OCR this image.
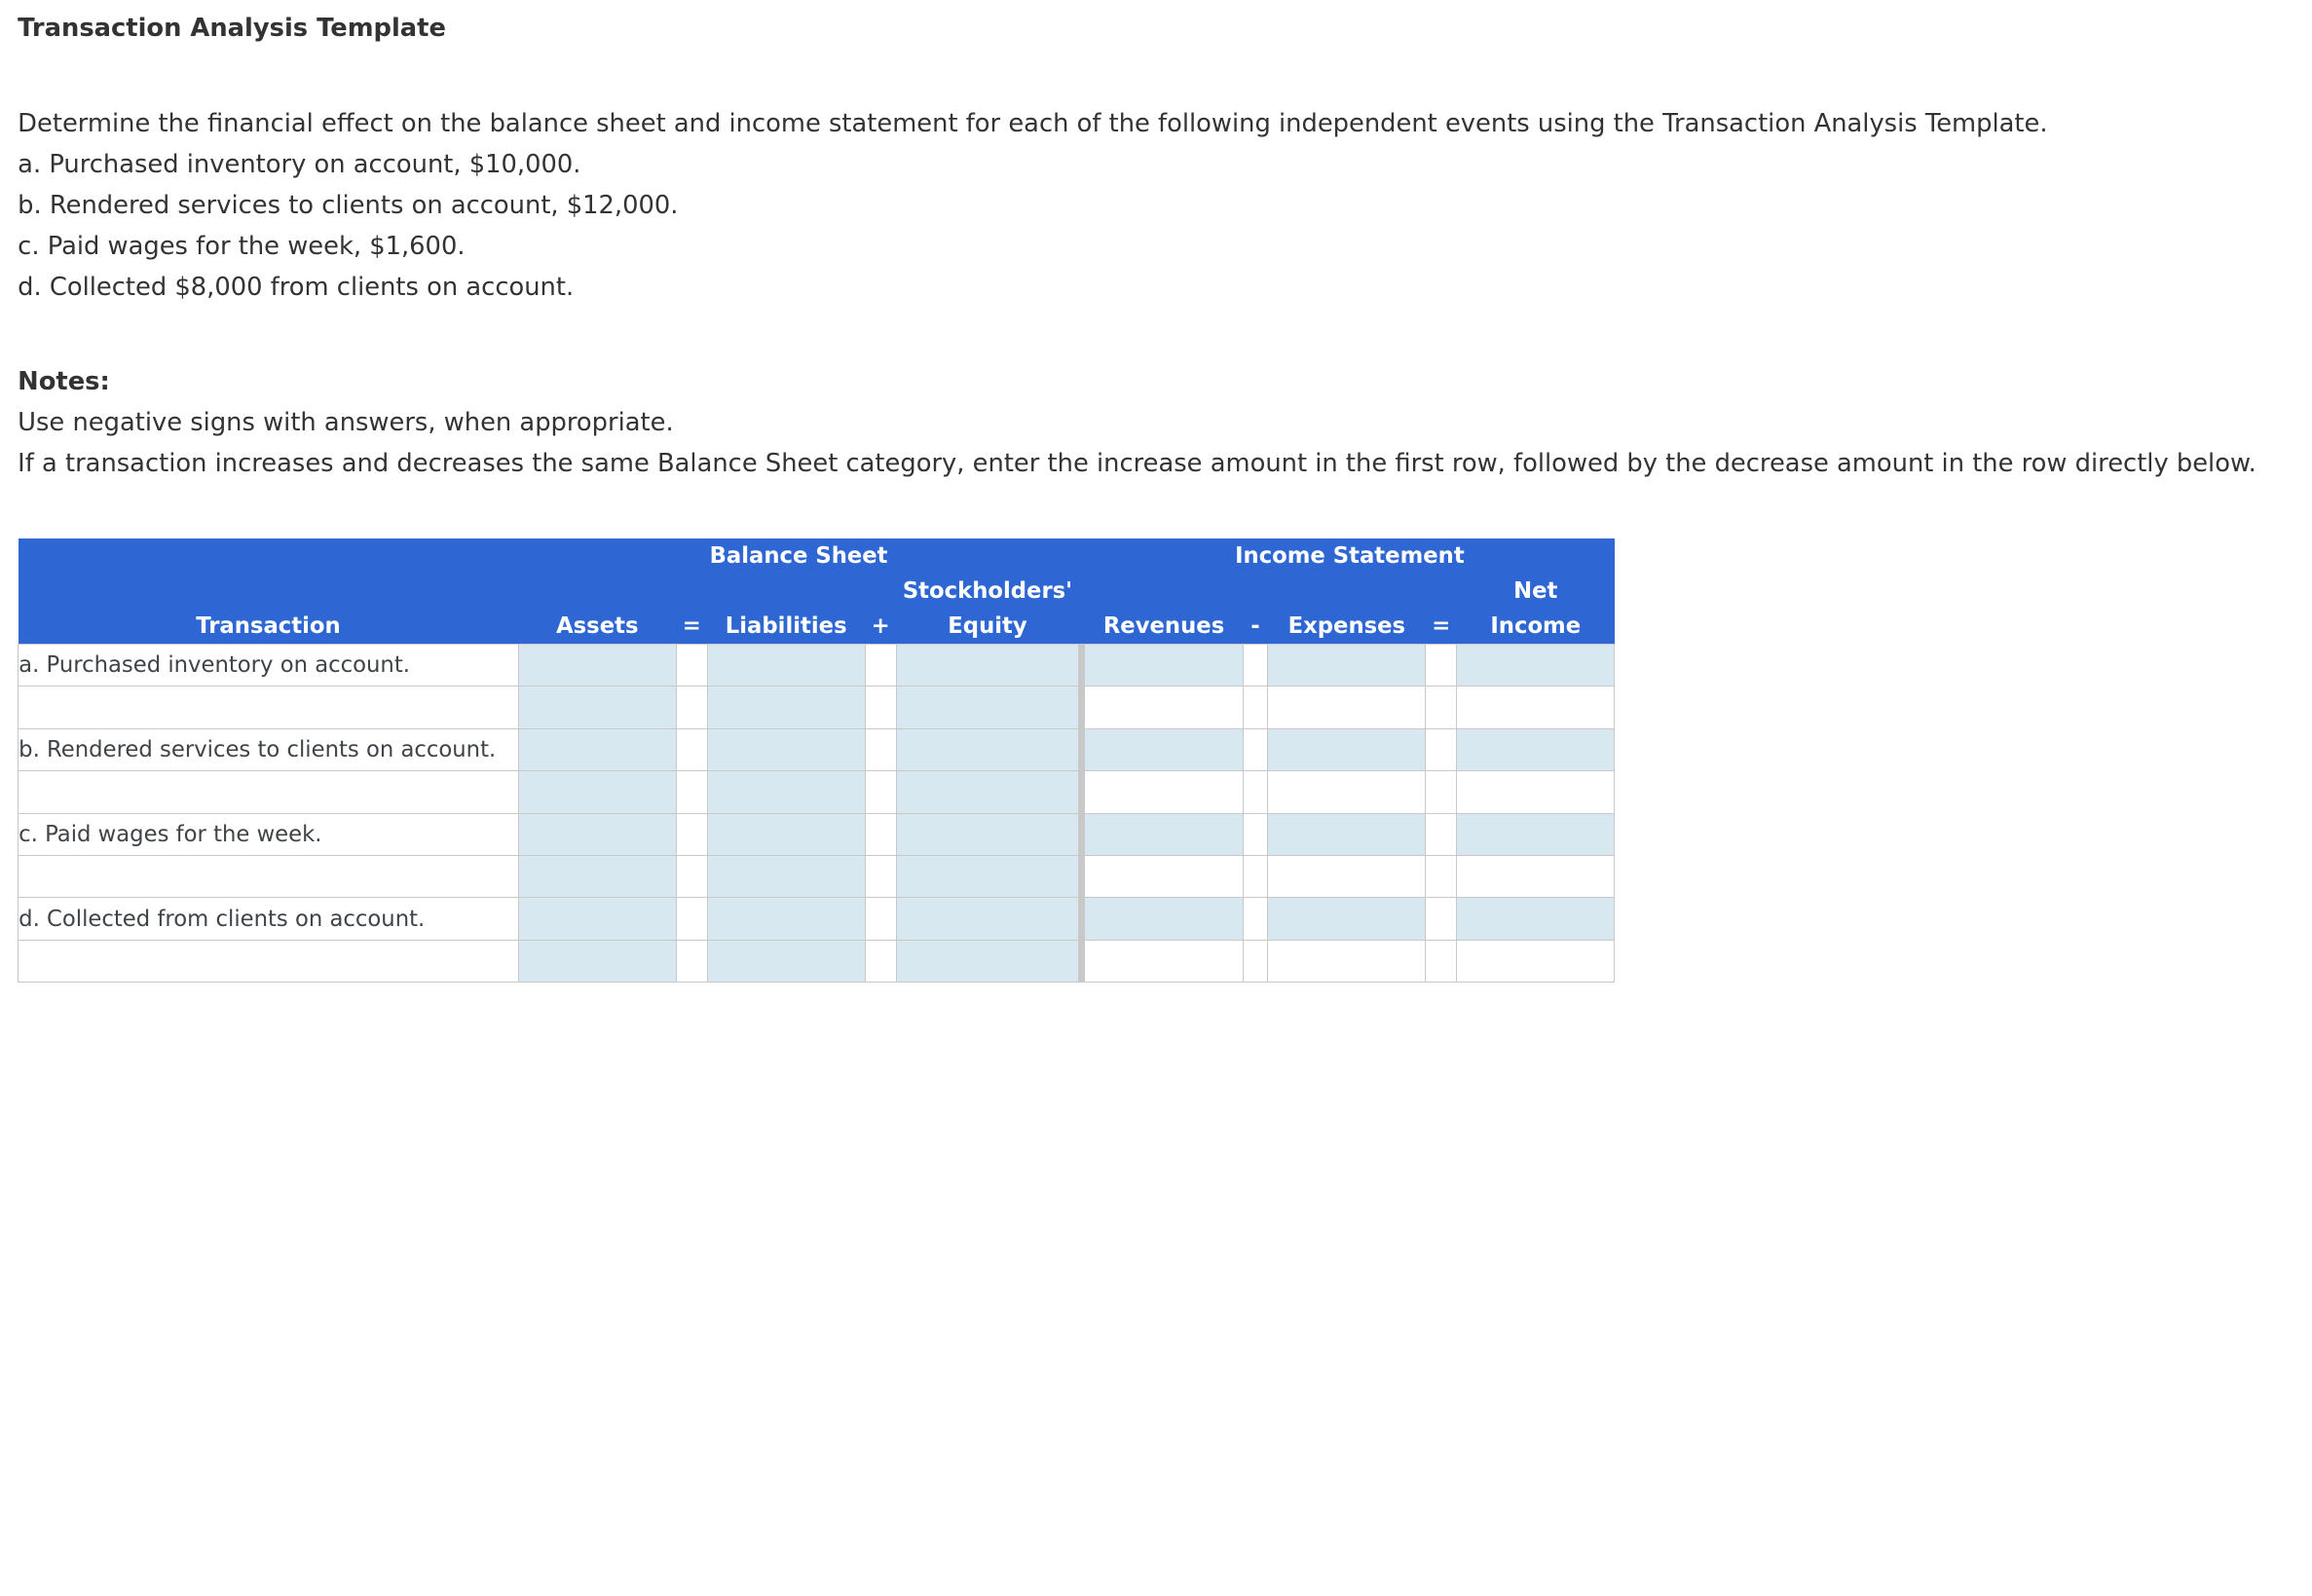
Transaction Analysis Template

Determine the financial effect on the balance sheet and income statement for each of the following independent events using the Transaction Analysis Template.

a. Purchased inventory on account, $10,000.

b. Rendered services to clients on account, $12,000.

c. Paid wages for the week, $1,600.

d. Collected $8,000 from clients on account.

Notes:

Use negative signs with answers, when appropriate.

If a transaction increases and decreases the same Balance Sheet category, enter the increase amount in the first row, followed by the decrease amount in the row directly below.

	Balance Sheet						Income Statement				
					Stockholders'						Net
Transaction	Assets	=	Liabilities	+	Equity		Revenues	-	Expenses	=	Income
a. Purchased inventory on account.											

b. Rendered services to clients on account.											

c. Paid wages for the week.											

d. Collected from clients on account.											
